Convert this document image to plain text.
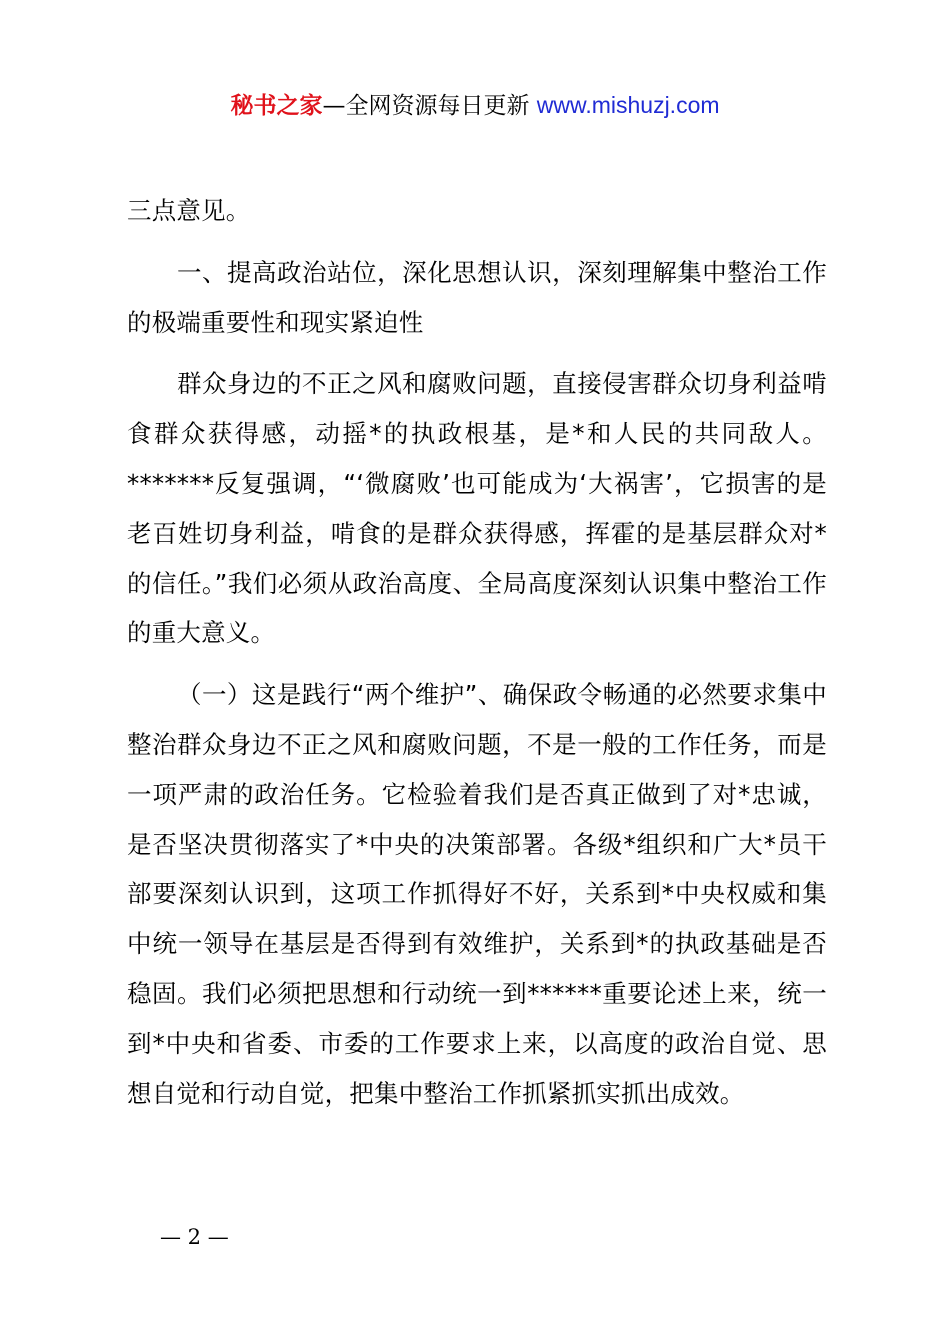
秘书之家—全网资源每日更新 www.mishuzj.com

三点意见。

一、提高政治站位，深化思想认识，深刻理解集中整治工作的极端重要性和现实紧迫性

群众身边的不正之风和腐败问题，直接侵害群众切身利益啃食群众获得感，动摇*的执政根基，是*和人民的共同敌人。*******反复强调，“‘微腐败’也可能成为‘大祸害’，它损害的是老百姓切身利益，啃食的是群众获得感，挥霍的是基层群众对*的信任。”我们必须从政治高度、全局高度深刻认识集中整治工作的重大意义。

（一）这是践行“两个维护”、确保政令畅通的必然要求集中整治群众身边不正之风和腐败问题，不是一般的工作任务，而是一项严肃的政治任务。它检验着我们是否真正做到了对*忠诚，是否坚决贯彻落实了*中央的决策部署。各级*组织和广大*员干部要深刻认识到，这项工作抓得好不好，关系到*中央权威和集中统一领导在基层是否得到有效维护，关系到*的执政基础是否稳固。我们必须把思想和行动统一到******重要论述上来，统一到*中央和省委、市委的工作要求上来，以高度的政治自觉、思想自觉和行动自觉，把集中整治工作抓紧抓实抓出成效。

— 2 —
